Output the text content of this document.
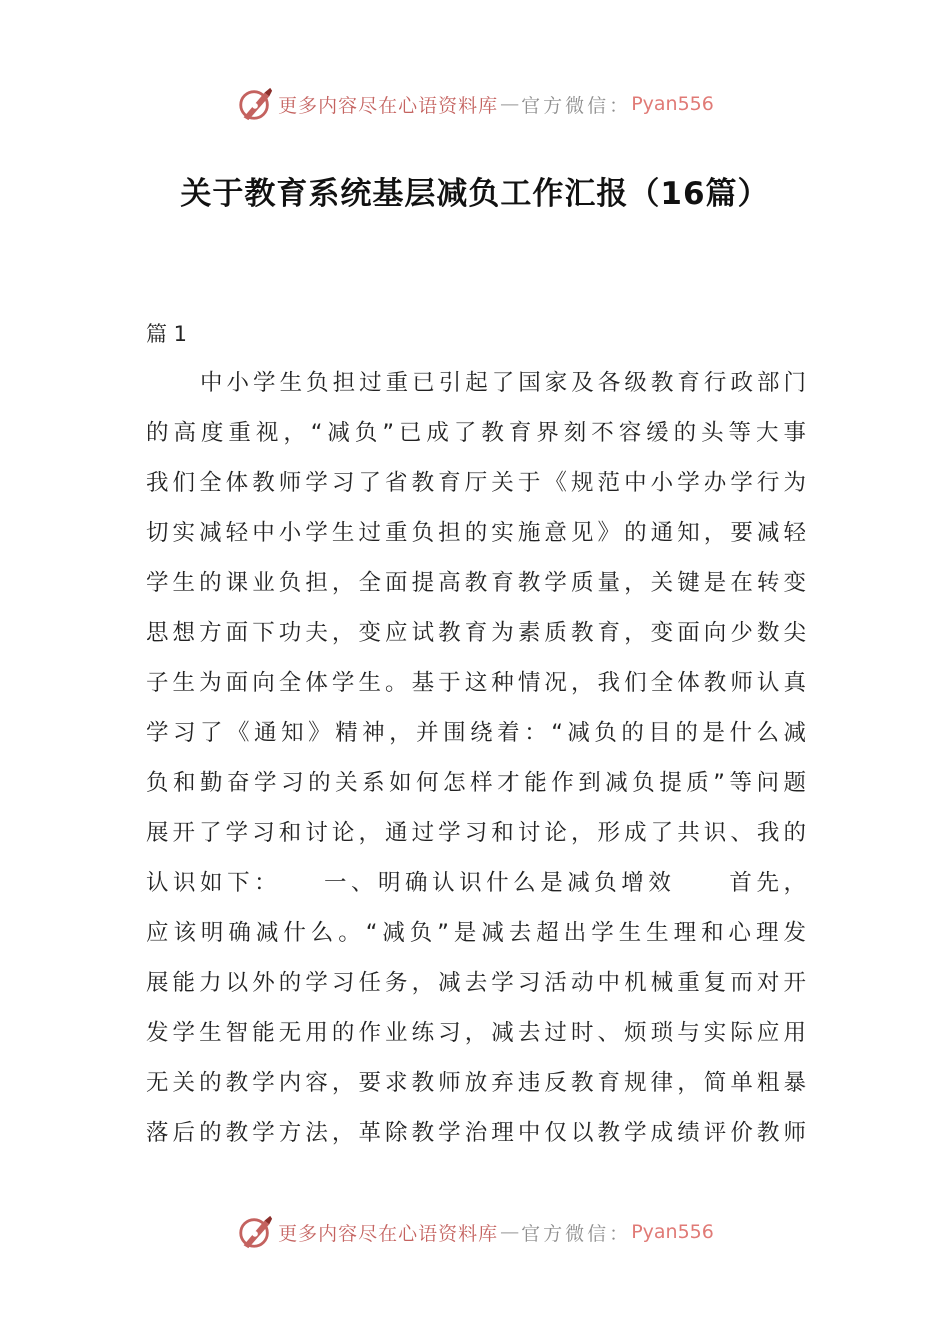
更多内容尽在心语资料库 — 官方微信： Pyan556
关于教育系统基层减负工作汇报（16篇）
篇 1
中小学生负担过重已引起了国家及各级教育行政部门
的高度重视，“减负”已成了教育界刻不容缓的头等大事
我们全体教师学习了省教育厅关于《规范中小学办学行为
切实减轻中小学生过重负担的实施意见》的通知，要减轻
学生的课业负担，全面提高教育教学质量，关键是在转变
思想方面下功夫，变应试教育为素质教育，变面向少数尖
子生为面向全体学生。基于这种情况，我们全体教师认真
学习了《通知》精神，并围绕着：“减负的目的是什么减
负和勤奋学习的关系如何怎样才能作到减负提质”等问题
展开了学习和讨论，通过学习和讨论，形成了共识、我的
认识如下：　　一、明确认识什么是减负增效　　首先，
应该明确减什么。“减负”是减去超出学生生理和心理发
展能力以外的学习任务，减去学习活动中机械重复而对开
发学生智能无用的作业练习，减去过时、烦琐与实际应用
无关的教学内容，要求教师放弃违反教育规律，简单粗暴
落后的教学方法，革除教学治理中仅以教学成绩评价教师
更多内容尽在心语资料库 — 官方微信： Pyan556
